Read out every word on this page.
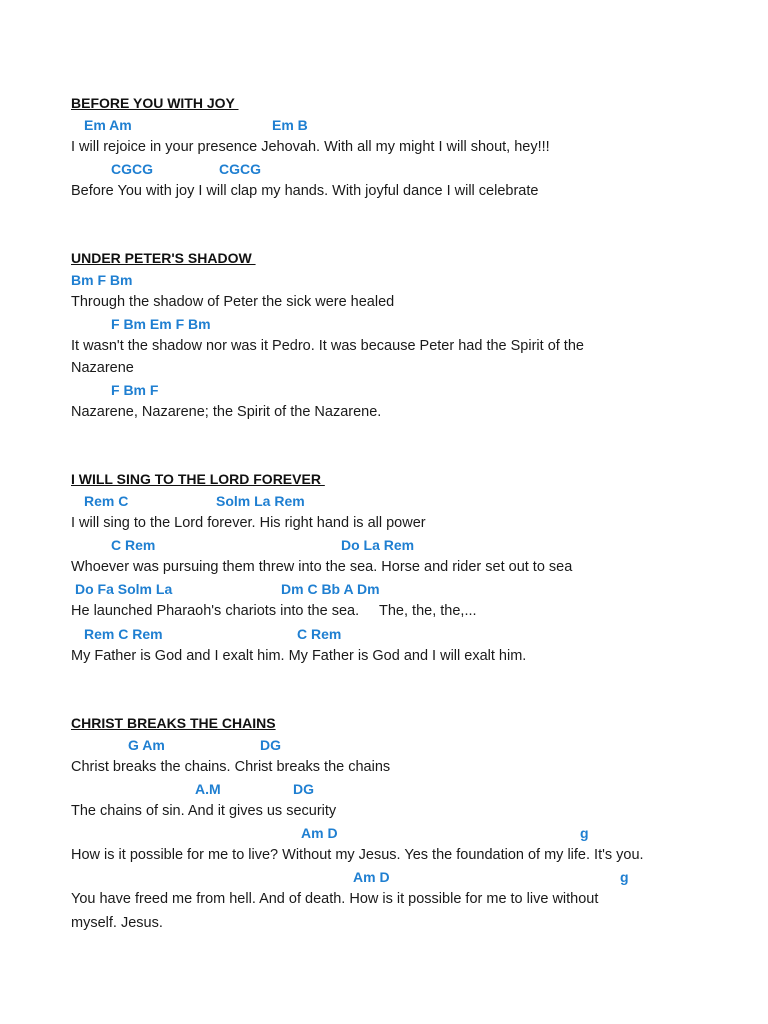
BEFORE YOU WITH JOY
Em Am	Em B
I will rejoice in your presence Jehovah. With all my might I will shout, hey!!!
CGCG	CGCG
Before You with joy I will clap my hands. With joyful dance I will celebrate
UNDER PETER'S SHADOW
Bm F Bm
Through the shadow of Peter the sick were healed
F Bm Em F Bm
It wasn't the shadow nor was it Pedro. It was because Peter had the Spirit of the
Nazarene
F Bm F
Nazarene, Nazarene; the Spirit of the Nazarene.
I WILL SING TO THE LORD FOREVER
Rem C	Solm La Rem
I will sing to the Lord forever. His right hand is all power
C Rem	Do La Rem
Whoever was pursuing them threw into the sea. Horse and rider set out to sea
Do Fa Solm La	Dm C Bb A Dm
He launched Pharaoh's chariots into the sea.     The, the, the,...
Rem C Rem	C Rem
My Father is God and I exalt him. My Father is God and I will exalt him.
CHRIST BREAKS THE CHAINS
G Am	DG
Christ breaks the chains. Christ breaks the chains
A.M	DG
The chains of sin. And it gives us security
Am D	g
How is it possible for me to live? Without my Jesus. Yes the foundation of my life. It's you.
Am D	g
You have freed me from hell. And of death. How is it possible for me to live without
myself. Jesus.
